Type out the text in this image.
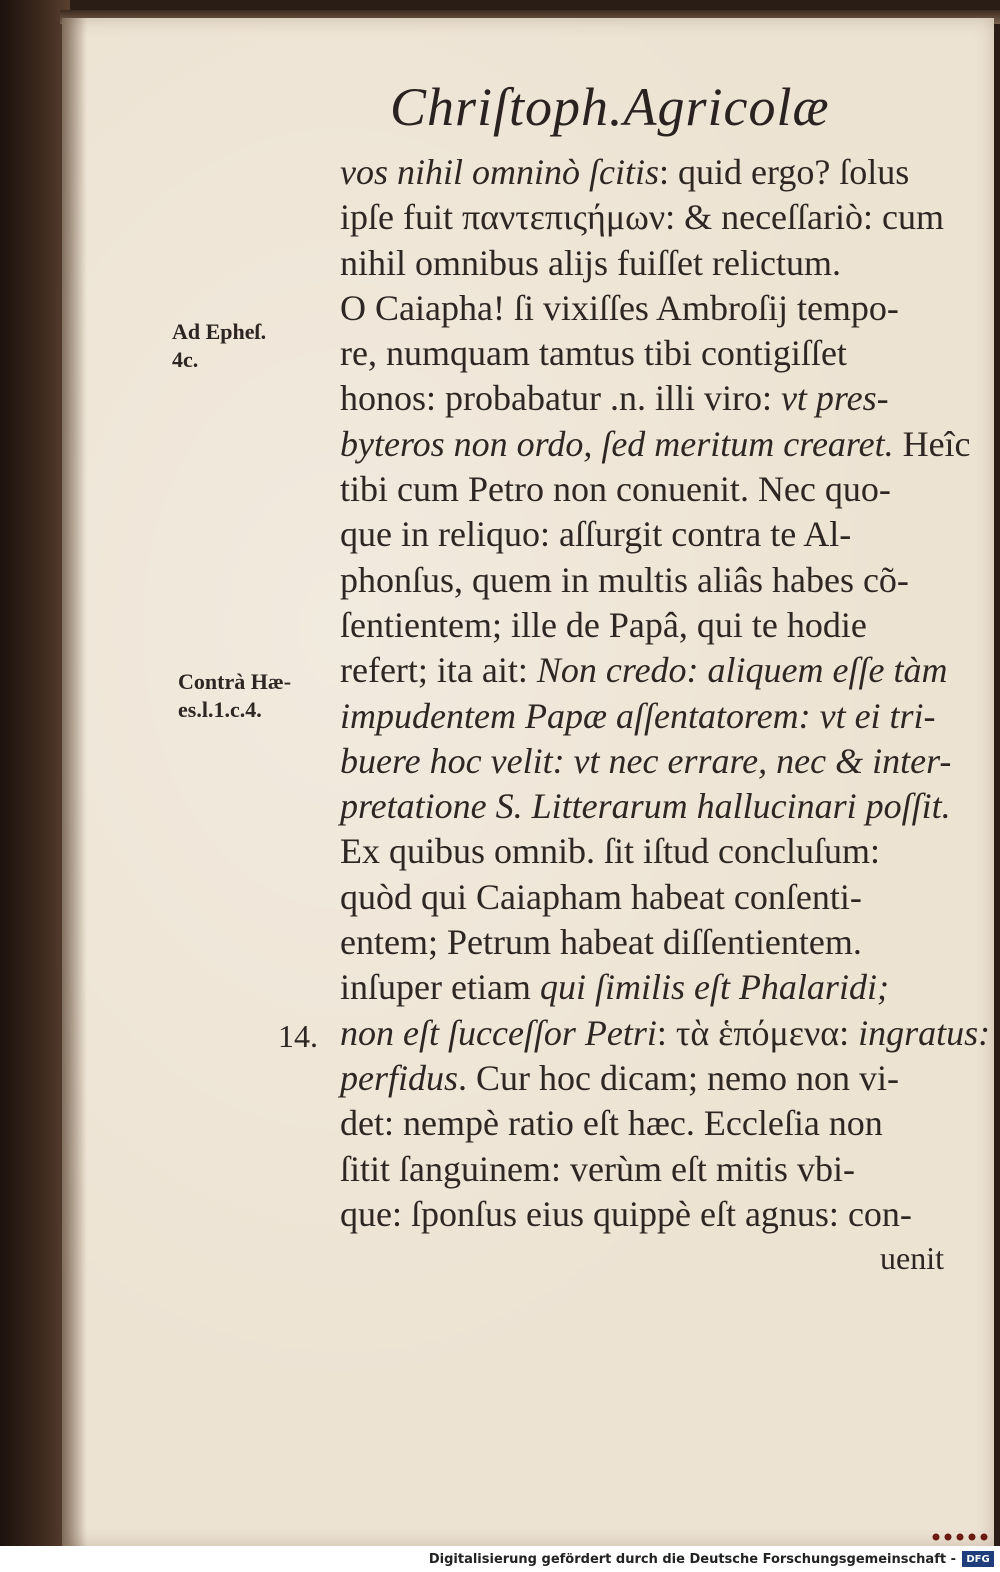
Chriſtoph.Agricolæ
Ad Epheſ.
4c.
Contrà Hæ-
es.l.1.c.4.
14.
vos nihil omninò ſcitis: quid ergo? ſolus
ipſe fuit παντεπιςήμων: & neceſſariò: cum
nihil omnibus alijs fuiſſet relictum.
O Caiapha! ſi vixiſſes Ambroſij tempo-
re, numquam tamtus tibi contigiſſet
honos: probabatur .n. illi viro: vt pres-
byteros non ordo, ſed meritum crearet. Heîc
tibi cum Petro non conuenit. Nec quo-
que in reliquo: aſſurgit contra te Al-
phonſus, quem in multis aliâs habes cõ-
ſentientem; ille de Papâ, qui te hodie
refert; ita ait: Non credo: aliquem eſſe tàm
impudentem Papæ aſſentatorem: vt ei tri-
buere hoc velit: vt nec errare, nec & inter-
pretatione S. Litterarum hallucinari poſſit.
Ex quibus omnib. ſit iſtud concluſum:
quòd qui Caiapham habeat conſenti-
entem; Petrum habeat diſſentientem.
inſuper etiam qui ſimilis eſt Phalaridi;
non eſt ſucceſſor Petri: τὰ ἑπόμενα: ingratus:
perfidus. Cur hoc dicam; nemo non vi-
det: nempè ratio eſt hæc. Eccleſia non
ſitit ſanguinem: verùm eſt mitis vbi-
que: ſponſus eius quippè eſt agnus: con-
uenit
Digitalisierung gefördert durch die Deutsche Forschungsgemeinschaft -	DFG
